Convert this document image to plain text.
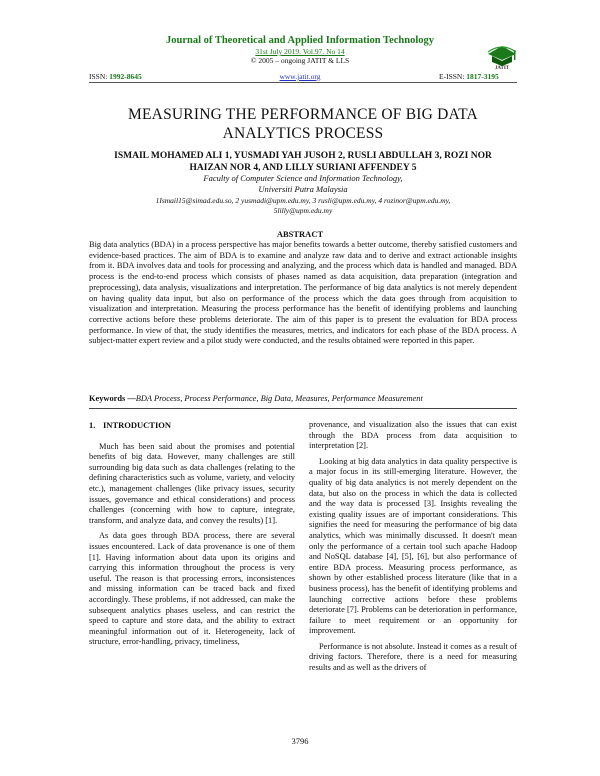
Journal of Theoretical and Applied Information Technology
31st July 2019. Vol.97. No 14
© 2005 – ongoing JATIT & LLS
JATIT
ISSN: 1992-8645	www.jatit.org	E-ISSN: 1817-3195
MEASURING THE PERFORMANCE OF BIG DATA ANALYTICS PROCESS
ISMAIL MOHAMED ALI 1, YUSMADI YAH JUSOH 2, RUSLI ABDULLAH 3, ROZI NOR HAIZAN NOR 4, AND LILLY SURIANI AFFENDEY 5
Faculty of Computer Science and Information Technology,
Universiti Putra Malaysia
1Ismail15@simad.edu.so, 2 yusmadi@upm.edu.my, 3 rusli@upm.edu.my, 4 rozinor@upm.edu.my,
5lilly@upm.edu.my
ABSTRACT
Big data analytics (BDA) in a process perspective has major benefits towards a better outcome, thereby satisfied customers and evidence-based practices. The aim of BDA is to examine and analyze raw data and to derive and extract actionable insights from it. BDA involves data and tools for processing and analyzing, and the process which data is handled and managed. BDA process is the end-to-end process which consists of phases named as data acquisition, data preparation (integration and preprocessing), data analysis, visualizations and interpretation. The performance of big data analytics is not merely dependent on having quality data input, but also on performance of the process which the data goes through from acquisition to visualization and interpretation. Measuring the process performance has the benefit of identifying problems and launching corrective actions before these problems deteriorate. The aim of this paper is to present the evaluation for BDA process performance. In view of that, the study identifies the measures, metrics, and indicators for each phase of the BDA process. A subject-matter expert review and a pilot study were conducted, and the results obtained were reported in this paper.
Keywords —BDA Process, Process Performance, Big Data, Measures, Performance Measurement
1. INTRODUCTION

Much has been said about the promises and potential benefits of big data. However, many challenges are still surrounding big data such as data challenges (relating to the defining characteristics such as volume, variety, and velocity etc.), management challenges (like privacy issues, security issues, governance and ethical considerations) and process challenges (concerning with how to capture, integrate, transform, and analyze data, and convey the results) [1].

As data goes through BDA process, there are several issues encountered. Lack of data provenance is one of them [1]. Having information about data upon its origins and carrying this information throughout the process is very useful. The reason is that processing errors, inconsistences and missing information can be traced back and fixed accordingly. These problems, if not addressed, can make the subsequent analytics phases useless, and can restrict the speed to capture and store data, and the ability to extract meaningful information out of it. Heterogeneity, lack of structure, error-handling, privacy, timeliness,

provenance, and visualization also the issues that can exist through the BDA process from data acquisition to interpretation [2].

Looking at big data analytics in data quality perspective is a major focus in its still-emerging literature. However, the quality of big data analytics is not merely dependent on the data, but also on the process in which the data is collected and the way data is processed [3]. Insights revealing the existing quality issues are of important considerations. This signifies the need for measuring the performance of big data analytics, which was minimally discussed. It doesn't mean only the performance of a certain tool such apache Hadoop and NoSQL database [4], [5], [6], but also performance of entire BDA process. Measuring process performance, as shown by other established process literature (like that in a business process), has the benefit of identifying problems and launching corrective actions before these problems deteriorate [7]. Problems can be deterioration in performance, failure to meet requirement or an opportunity for improvement.

Performance is not absolute. Instead it comes as a result of driving factors. Therefore, there is a need for measuring results and as well as the drivers of

3796
